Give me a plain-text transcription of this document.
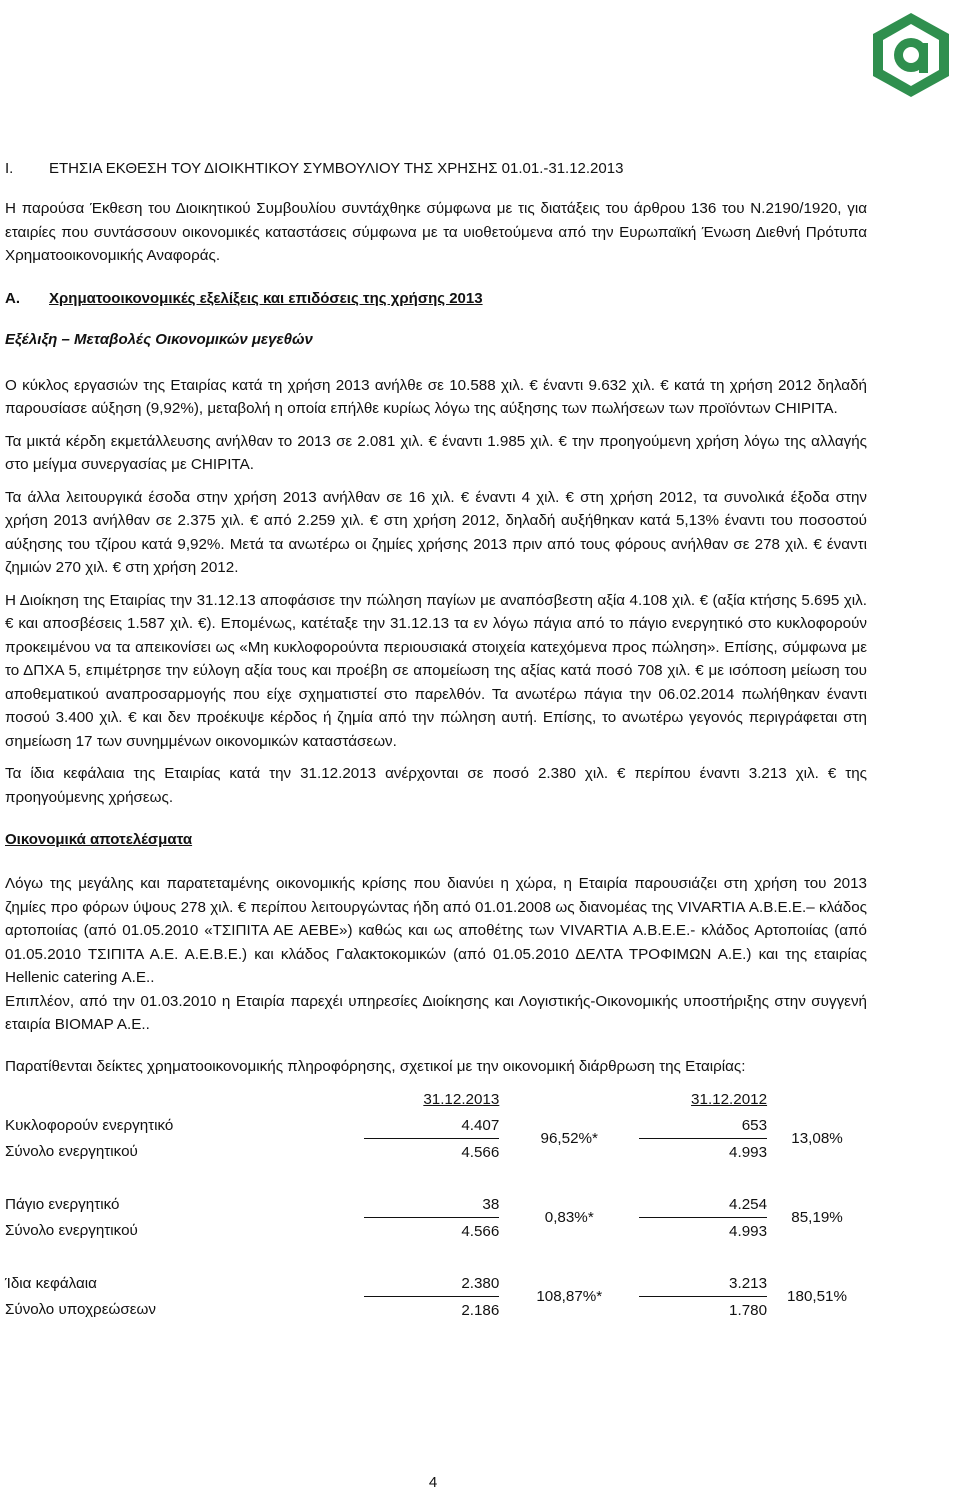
I.	ΕΤΗΣΙΑ ΕΚΘΕΣΗ ΤΟΥ ΔΙΟΙΚΗΤΙΚΟΥ ΣΥΜΒΟΥΛΙΟΥ ΤΗΣ ΧΡΗΣΗΣ 01.01.-31.12.2013

Η παρούσα Έκθεση του Διοικητικού Συμβουλίου συντάχθηκε σύμφωνα με τις διατάξεις του άρθρου 136 του Ν.2190/1920, για εταιρίες που συντάσσουν οικονομικές καταστάσεις σύμφωνα με τα υιοθετούμενα από την Ευρωπαϊκή Ένωση Διεθνή Πρότυπα Χρηματοοικονομικής Αναφοράς.

A.	Χρηματοοικονομικές εξελίξεις και επιδόσεις της χρήσης 2013
Εξέλιξη – Μεταβολές Οικονομικών μεγεθών

Ο κύκλος εργασιών της Εταιρίας κατά τη χρήση 2013 ανήλθε σε 10.588 χιλ. € έναντι 9.632 χιλ. € κατά τη χρήση 2012 δηλαδή παρουσίασε αύξηση (9,92%), μεταβολή η οποία επήλθε κυρίως λόγω της αύξησης των πωλήσεων των προϊόντων CHIPITA.

Τα μικτά κέρδη εκμετάλλευσης ανήλθαν το 2013 σε 2.081 χιλ. € έναντι 1.985 χιλ. € την προηγούμενη χρήση λόγω της αλλαγής στο μείγμα συνεργασίας με CHIPITA.

Τα άλλα λειτουργικά έσοδα στην χρήση 2013 ανήλθαν σε 16 χιλ. € έναντι 4 χιλ. € στη χρήση 2012, τα συνολικά έξοδα στην χρήση 2013 ανήλθαν σε 2.375 χιλ. € από 2.259 χιλ. € στη χρήση 2012, δηλαδή αυξήθηκαν κατά 5,13% έναντι του ποσοστού αύξησης του τζίρου κατά 9,92%. Μετά τα ανωτέρω οι ζημίες χρήσης 2013 πριν από τους φόρους ανήλθαν σε 278 χιλ. € έναντι ζημιών 270 χιλ. € στη χρήση 2012.

Η Διοίκηση της Εταιρίας την 31.12.13 αποφάσισε την πώληση παγίων με αναπόσβεστη αξία 4.108 χιλ. € (αξία κτήσης 5.695 χιλ. € και αποσβέσεις 1.587 χιλ. €). Επομένως, κατέταξε την 31.12.13 τα εν λόγω πάγια από το πάγιο ενεργητικό στο κυκλοφορούν προκειμένου να τα απεικονίσει ως «Μη κυκλοφορούντα περιουσιακά στοιχεία κατεχόμενα προς πώληση». Επίσης, σύμφωνα με το ΔΠΧΑ 5, επιμέτρησε την εύλογη αξία τους και προέβη σε απομείωση της αξίας κατά ποσό 708 χιλ. € με ισόποση μείωση του αποθεματικού αναπροσαρμογής που είχε σχηματιστεί στο παρελθόν. Τα ανωτέρω πάγια την 06.02.2014 πωλήθηκαν έναντι ποσού 3.400 χιλ. € και δεν προέκυψε κέρδος ή ζημία από την πώληση αυτή. Επίσης, το ανωτέρω γεγονός περιγράφεται στη σημείωση 17 των συνημμένων οικονομικών καταστάσεων.

Τα ίδια κεφάλαια της Εταιρίας κατά την 31.12.2013 ανέρχονται σε ποσό 2.380 χιλ. € περίπου έναντι 3.213 χιλ. € της προηγούμενης χρήσεως.

Οικονομικά αποτελέσματα

Λόγω της μεγάλης και παρατεταμένης οικονομικής κρίσης που διανύει η χώρα, η Εταιρία παρουσιάζει στη χρήση του 2013 ζημίες προ φόρων ύψους 278 χιλ. € περίπου λειτουργώντας ήδη από 01.01.2008 ως διανομέας της VIVARTIA Α.Β.Ε.Ε.– κλάδος αρτοποιίας (από 01.05.2010 «ΤΣΙΠΙΤΑ ΑΕ ΑΕΒΕ») καθώς και ως αποθέτης των VIVARTIA Α.Β.Ε.Ε.- κλάδος Αρτοποιίας (από 01.05.2010 ΤΣΙΠΙΤΑ Α.Ε. Α.Ε.Β.Ε.) και κλάδος Γαλακτοκομικών (από 01.05.2010 ΔΕΛΤΑ ΤΡΟΦΙΜΩΝ Α.Ε.) και της εταιρίας Hellenic catering Α.Ε..

Επιπλέον, από την 01.03.2010 η Εταιρία παρεχέι υπηρεσίες Διοίκησης και Λογιστικής-Οικονομικής υποστήριξης στην συγγενή εταιρία ΒΙΟΜΑΡ Α.Ε..

Παρατίθενται δείκτες χρηματοοικονομικής πληροφόρησης, σχετικοί με την οικονομική διάρθρωση της Εταιρίας:

	31.12.2013		31.12.2012	
Κυκλοφορούν ενεργητικό	4.407	96,52%*	653	13,08%
Σύνολο ενεργητικού	4.566		4.993	

Πάγιο ενεργητικό	38	0,83%*	4.254	85,19%
Σύνολο ενεργητικού	4.566		4.993	

Ίδια κεφάλαια	2.380	108,87%*	3.213	180,51%
Σύνολο υποχρεώσεων	2.186		1.780	
4
